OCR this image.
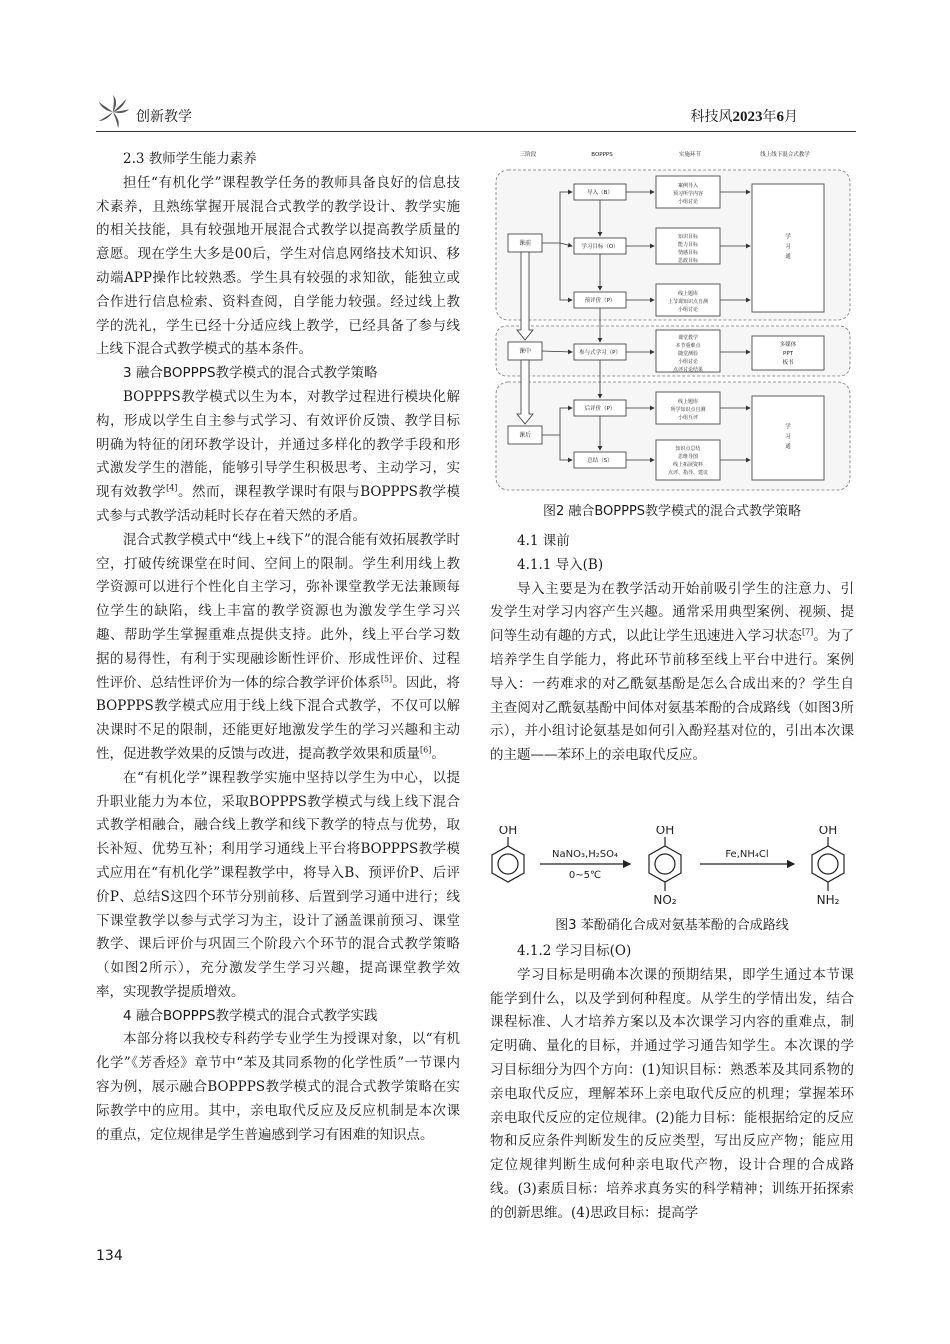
创新教学	科技风2023年6月
2.3 教师学生能力素养

担任“有机化学”课程教学任务的教师具备良好的信息技术素养，且熟练掌握开展混合式教学的教学设计、教学实施的相关技能，具有较强地开展混合式教学以提高教学质量的意愿。现在学生大多是00后，学生对信息网络技术知识、移动端APP操作比较熟悉。学生具有较强的求知欲，能独立或合作进行信息检索、资料查阅，自学能力较强。经过线上教学的洗礼，学生已经十分适应线上教学，已经具备了参与线上线下混合式教学模式的基本条件。

3 融合BOPPPS教学模式的混合式教学策略

BOPPPS教学模式以生为本，对教学过程进行模块化解构，形成以学生自主参与式学习、有效评价反馈、教学目标明确为特征的闭环教学设计，并通过多样化的教学手段和形式激发学生的潜能，能够引导学生积极思考、主动学习，实现有效教学[4]。然而，课程教学课时有限与BOPPPS教学模式参与式教学活动耗时长存在着天然的矛盾。

混合式教学模式中“线上+线下”的混合能有效拓展教学时空，打破传统课堂在时间、空间上的限制。学生利用线上教学资源可以进行个性化自主学习，弥补课堂教学无法兼顾每位学生的缺陷，线上丰富的教学资源也为激发学生学习兴趣、帮助学生掌握重难点提供支持。此外，线上平台学习数据的易得性，有利于实现融诊断性评价、形成性评价、过程性评价、总结性评价为一体的综合教学评价体系[5]。因此，将BOPPPS教学模式应用于线上线下混合式教学，不仅可以解决课时不足的限制，还能更好地激发学生的学习兴趣和主动性，促进教学效果的反馈与改进，提高教学效果和质量[6]。

在“有机化学”课程教学实施中坚持以学生为中心，以提升职业能力为本位，采取BOPPPS教学模式与线上线下混合式教学相融合，融合线上教学和线下教学的特点与优势，取长补短、优势互补；利用学习通线上平台将BOPPPS教学模式应用在“有机化学”课程教学中，将导入B、预评价P、后评价P、总结S这四个环节分别前移、后置到学习通中进行；线下课堂教学以参与式学习为主，设计了涵盖课前预习、课堂教学、课后评价与巩固三个阶段六个环节的混合式教学策略（如图2所示），充分激发学生学习兴趣，提高课堂教学效率，实现教学提质增效。

4 融合BOPPPS教学模式的混合式教学实践

本部分将以我校专科药学专业学生为授课对象，以“有机化学”《芳香烃》章节中“苯及其同系物的化学性质”一节课内容为例，展示融合BOPPPS教学模式的混合式教学策略在实际教学中的应用。其中，亲电取代反应及反应机制是本次课的重点，定位规律是学生普遍感到学习有困难的知识点。

三阶段	BOPPPS	实施环节	线上线下混合式教学
课前
课中
课后
导入（B）
学习目标（O）
预评价（P）
参与式学习（P）
后评价（P）
总结（S）
案例导入
预习所学内容
小组讨论
知识目标
能力目标
情感目标
思政目标
线上题库
上节课知识点自测
小组讨论
课堂教学
本节重难点
随堂测验
小组讨论
点评讨论结果
线上题库
所学知识点自测
小组互评
知识点总结
思维导图
线上拓展资料
点评、指导、建议
学
习
通
多媒体
PPT
板书
学
习
通
图2 融合BOPPPS教学模式的混合式教学策略
4.1 课前
4.1.1 导入(B)

导入主要是为在教学活动开始前吸引学生的注意力、引发学生对学习内容产生兴趣。通常采用典型案例、视频、提问等生动有趣的方式，以此让学生迅速进入学习状态[7]。为了培养学生自学能力，将此环节前移至线上平台中进行。案例导入：一药难求的对乙酰氨基酚是怎么合成出来的？学生自主查阅对乙酰氨基酚中间体对氨基苯酚的合成路线（如图3所示），并小组讨论氨基是如何引入酚羟基对位的，引出本次课的主题——苯环上的亲电取代反应。

OH	OH	OH
NO₂	NH₂
NaNO₃,H₂SO₄
0~5℃
Fe,NH₄Cl
图3 苯酚硝化合成对氨基苯酚的合成路线
4.1.2 学习目标(O)

学习目标是明确本次课的预期结果，即学生通过本节课能学到什么，以及学到何种程度。从学生的学情出发，结合课程标准、人才培养方案以及本次课学习内容的重难点，制定明确、量化的目标，并通过学习通告知学生。本次课的学习目标细分为四个方向：(1)知识目标：熟悉苯及其同系物的亲电取代反应，理解苯环上亲电取代反应的机理；掌握苯环亲电取代反应的定位规律。(2)能力目标：能根据给定的反应物和反应条件判断发生的反应类型，写出反应产物；能应用定位规律判断生成何种亲电取代产物，设计合理的合成路线。(3)素质目标：培养求真务实的科学精神；训练开拓探索的创新思维。(4)思政目标：提高学

134
